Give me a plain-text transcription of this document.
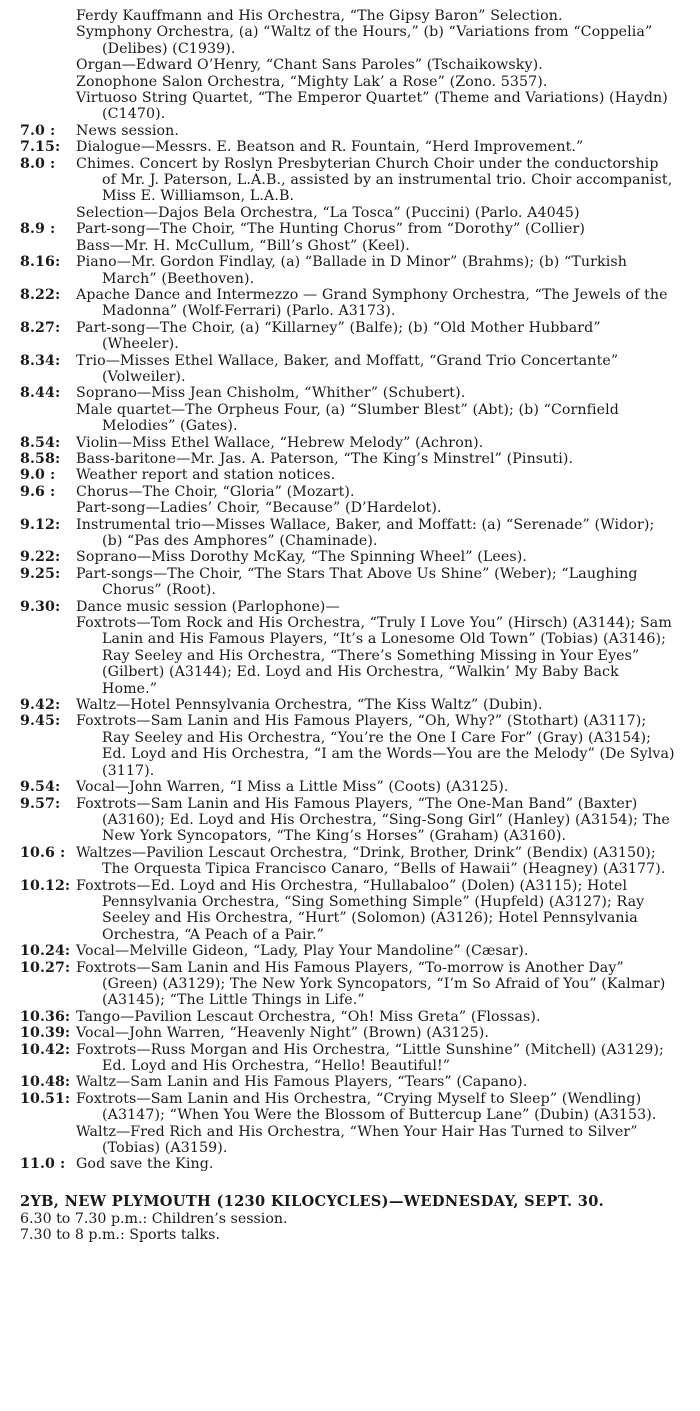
Ferdy Kauffmann and His Orchestra, “The Gipsy Baron” Selection.
Symphony Orchestra, (a) “Waltz of the Hours,” (b) “Variations from “Coppelia” (Delibes) (C1939).
Organ—Edward O’Henry, “Chant Sans Paroles” (Tschaikowsky).
Zonophone Salon Orchestra, “Mighty Lak’ a Rose” (Zono. 5357).
Virtuoso String Quartet, “The Emperor Quartet” (Theme and Variations) (Haydn) (C1470).
7.0 :	News session.
7.15:	Dialogue—Messrs. E. Beatson and R. Fountain, “Herd Improvement.”
8.0 :	Chimes. Concert by Roslyn Presbyterian Church Choir under the conductorship of Mr. J. Paterson, L.A.B., assisted by an instrumental trio. Choir accompanist, Miss E. Williamson, L.A.B.
Selection—Dajos Bela Orchestra, “La Tosca” (Puccini) (Parlo. A4045)
8.9 :	Part-song—The Choir, “The Hunting Chorus” from “Dorothy” (Collier)
Bass—Mr. H. McCullum, “Bill’s Ghost” (Keel).
8.16:	Piano—Mr. Gordon Findlay, (a) “Ballade in D Minor” (Brahms); (b) “Turkish March” (Beethoven).
8.22:	Apache Dance and Intermezzo — Grand Symphony Orchestra, “The Jewels of the Madonna” (Wolf-Ferrari) (Parlo. A3173).
8.27:	Part-song—The Choir, (a) “Killarney” (Balfe); (b) “Old Mother Hubbard” (Wheeler).
8.34:	Trio—Misses Ethel Wallace, Baker, and Moffatt, “Grand Trio Concertante” (Volweiler).
8.44:	Soprano—Miss Jean Chisholm, “Whither” (Schubert).
Male quartet—The Orpheus Four, (a) “Slumber Blest” (Abt); (b) “Cornfield Melodies” (Gates).
8.54:	Violin—Miss Ethel Wallace, “Hebrew Melody” (Achron).
8.58:	Bass-baritone—Mr. Jas. A. Paterson, “The King’s Minstrel” (Pinsuti).
9.0 :	Weather report and station notices.
9.6 :	Chorus—The Choir, “Gloria” (Mozart).
Part-song—Ladies’ Choir, “Because” (D’Hardelot).
9.12:	Instrumental trio—Misses Wallace, Baker, and Moffatt: (a) “Serenade” (Widor); (b) “Pas des Amphores” (Chaminade).
9.22:	Soprano—Miss Dorothy McKay, “The Spinning Wheel” (Lees).
9.25:	Part-songs—The Choir, “The Stars That Above Us Shine” (Weber); “Laughing Chorus” (Root).
9.30:	Dance music session (Parlophone)—
Foxtrots—Tom Rock and His Orchestra, “Truly I Love You” (Hirsch) (A3144); Sam Lanin and His Famous Players, “It’s a Lonesome Old Town” (Tobias) (A3146); Ray Seeley and His Orchestra, “There’s Something Missing in Your Eyes” (Gilbert) (A3144); Ed. Loyd and His Orchestra, “Walkin’ My Baby Back Home.”
9.42:	Waltz—Hotel Pennsylvania Orchestra, “The Kiss Waltz” (Dubin).
9.45:	Foxtrots—Sam Lanin and His Famous Players, “Oh, Why?” (Stothart) (A3117); Ray Seeley and His Orchestra, “You’re the One I Care For” (Gray) (A3154); Ed. Loyd and His Orchestra, “I am the Words—You are the Melody” (De Sylva) (3117).
9.54:	Vocal—John Warren, “I Miss a Little Miss” (Coots) (A3125).
9.57:	Foxtrots—Sam Lanin and His Famous Players, “The One-Man Band” (Baxter) (A3160); Ed. Loyd and His Orchestra, “Sing-Song Girl” (Hanley) (A3154); The New York Syncopators, “The King’s Horses” (Graham) (A3160).
10.6 : Waltzes—Pavilion Lescaut Orchestra, “Drink, Brother, Drink” (Bendix) (A3150); The Orquesta Tipica Francisco Canaro, “Bells of Hawaii” (Heagney) (A3177).
10.12: Foxtrots—Ed. Loyd and His Orchestra, “Hullabaloo” (Dolen) (A3115); Hotel Pennsylvania Orchestra, “Sing Something Simple” (Hupfeld) (A3127); Ray Seeley and His Orchestra, “Hurt” (Solomon) (A3126); Hotel Pennsylvania Orchestra, “A Peach of a Pair.”
10.24: Vocal—Melville Gideon, “Lady, Play Your Mandoline” (Cæsar).
10.27: Foxtrots—Sam Lanin and His Famous Players, “To-morrow is Another Day” (Green) (A3129); The New York Syncopators, “I’m So Afraid of You” (Kalmar) (A3145); “The Little Things in Life.”
10.36: Tango—Pavilion Lescaut Orchestra, “Oh! Miss Greta” (Flossas).
10.39: Vocal—John Warren, “Heavenly Night” (Brown) (A3125).
10.42: Foxtrots—Russ Morgan and His Orchestra, “Little Sunshine” (Mitchell) (A3129); Ed. Loyd and His Orchestra, “Hello! Beautiful!”
10.48: Waltz—Sam Lanin and His Famous Players, “Tears” (Capano).
10.51: Foxtrots—Sam Lanin and His Orchestra, “Crying Myself to Sleep” (Wendling) (A3147); “When You Were the Blossom of Buttercup Lane” (Dubin) (A3153).
Waltz—Fred Rich and His Orchestra, “When Your Hair Has Turned to Silver” (Tobias) (A3159).
11.0 : God save the King.
2YB, NEW PLYMOUTH (1230 KILOCYCLES)—WEDNESDAY, SEPT. 30.
6.30 to 7.30 p.m.: Children’s session.
7.30 to 8 p.m.: Sports talks.
